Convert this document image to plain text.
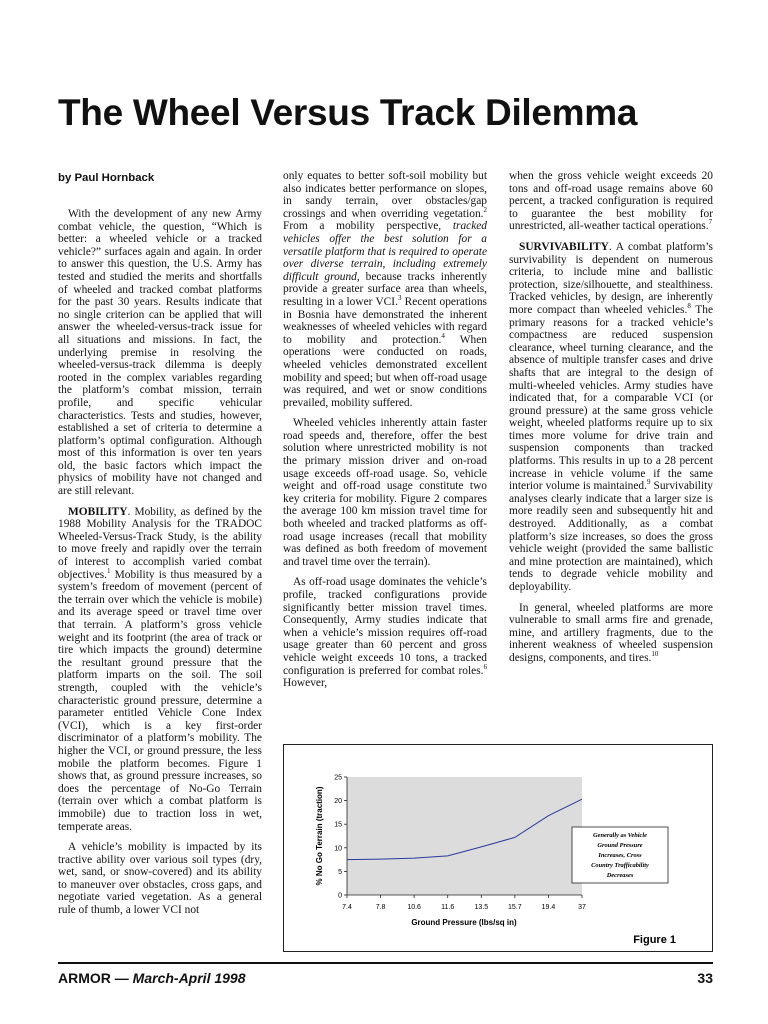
The Wheel Versus Track Dilemma
by Paul Hornback

With the development of any new Army combat vehicle, the question, “Which is better: a wheeled vehicle or a tracked vehicle?” surfaces again and again. In order to answer this question, the U.S. Army has tested and studied the merits and shortfalls of wheeled and tracked combat platforms for the past 30 years. Results indicate that no single criterion can be applied that will answer the wheeled-versus-track issue for all situations and missions. In fact, the underlying premise in resolving the wheeled-versus-track dilemma is deeply rooted in the complex variables regarding the platform’s combat mission, terrain profile, and specific vehicular characteristics. Tests and studies, however, established a set of criteria to determine a platform’s optimal configuration. Although most of this information is over ten years old, the basic factors which impact the physics of mobility have not changed and are still relevant.

MOBILITY. Mobility, as defined by the 1988 Mobility Analysis for the TRADOC Wheeled-Versus-Track Study, is the ability to move freely and rapidly over the terrain of interest to accomplish varied combat objectives.$^1$ Mobility is thus measured by a system’s freedom of movement (percent of the terrain over which the vehicle is mobile) and its average speed or travel time over that terrain. A platform’s gross vehicle weight and its footprint (the area of track or tire which impacts the ground) determine the resultant ground pressure that the platform imparts on the soil. The soil strength, coupled with the vehicle’s characteristic ground pressure, determine a parameter entitled Vehicle Cone Index (VCI), which is a key first-order discriminator of a platform’s mobility. The higher the VCI, or ground pressure, the less mobile the platform becomes. Figure 1 shows that, as ground pressure increases, so does the percentage of No-Go Terrain (terrain over which a combat platform is immobile) due to traction loss in wet, temperate areas.

A vehicle’s mobility is impacted by its tractive ability over various soil types (dry, wet, sand, or snow-covered) and its ability to maneuver over obstacles, cross gaps, and negotiate varied vegetation. As a general rule of thumb, a lower VCI not

only equates to better soft-soil mobility but also indicates better performance on slopes, in sandy terrain, over obstacles/gap crossings and when overriding vegetation.$^2$ From a mobility perspective, tracked vehicles offer the best solution for a versatile platform that is required to operate over diverse terrain, including extremely difficult ground, because tracks inherently provide a greater surface area than wheels, resulting in a lower VCI.$^3$ Recent operations in Bosnia have demonstrated the inherent weaknesses of wheeled vehicles with regard to mobility and protection.$^4$ When operations were conducted on roads, wheeled vehicles demonstrated excellent mobility and speed; but when off-road usage was required, and wet or snow conditions prevailed, mobility suffered.

Wheeled vehicles inherently attain faster road speeds and, therefore, offer the best solution where unrestricted mobility is not the primary mission driver and on-road usage exceeds off-road usage. So, vehicle weight and off-road usage constitute two key criteria for mobility. Figure 2 compares the average 100 km mission travel time for both wheeled and tracked platforms as off-road usage increases (recall that mobility was defined as both freedom of movement and travel time over the terrain).

As off-road usage dominates the vehicle’s profile, tracked configurations provide significantly better mission travel times. Consequently, Army studies indicate that when a vehicle’s mission requires off-road usage greater than 60 percent and gross vehicle weight exceeds 10 tons, a tracked configuration is preferred for combat roles.$^6$ However,

when the gross vehicle weight exceeds 20 tons and off-road usage remains above 60 percent, a tracked configuration is required to guarantee the best mobility for unrestricted, all-weather tactical operations.$^7$

SURVIVABILITY. A combat platform’s survivability is dependent on numerous criteria, to include mine and ballistic protection, size/silhouette, and stealthiness. Tracked vehicles, by design, are inherently more compact than wheeled vehicles.$^8$ The primary reasons for a tracked vehicle’s compactness are reduced suspension clearance, wheel turning clearance, and the absence of multiple transfer cases and drive shafts that are integral to the design of multi-wheeled vehicles. Army studies have indicated that, for a comparable VCI (or ground pressure) at the same gross vehicle weight, wheeled platforms require up to six times more volume for drive train and suspension components than tracked platforms. This results in up to a 28 percent increase in vehicle volume if the same interior volume is maintained.$^9$ Survivability analyses clearly indicate that a larger size is more readily seen and subsequently hit and destroyed. Additionally, as a combat platform’s size increases, so does the gross vehicle weight (provided the same ballistic and mine protection are maintained), which tends to degrade vehicle mobility and deployability.

In general, wheeled platforms are more vulnerable to small arms fire and grenade, mine, and artillery fragments, due to the inherent weakness of wheeled suspension designs, components, and tires.$^{10}$

0
5
10
15
20
25
7.4	7.8	10.6	11.6	13.5	15.7	19.4	37
% No Go Terrain (traction)
Ground Pressure (lbs/sq in)
Generally as Vehicle
Ground Pressure
Increases, Cross
Country Trafficability
Decreases
Figure 1
ARMOR — March-April 1998	33
